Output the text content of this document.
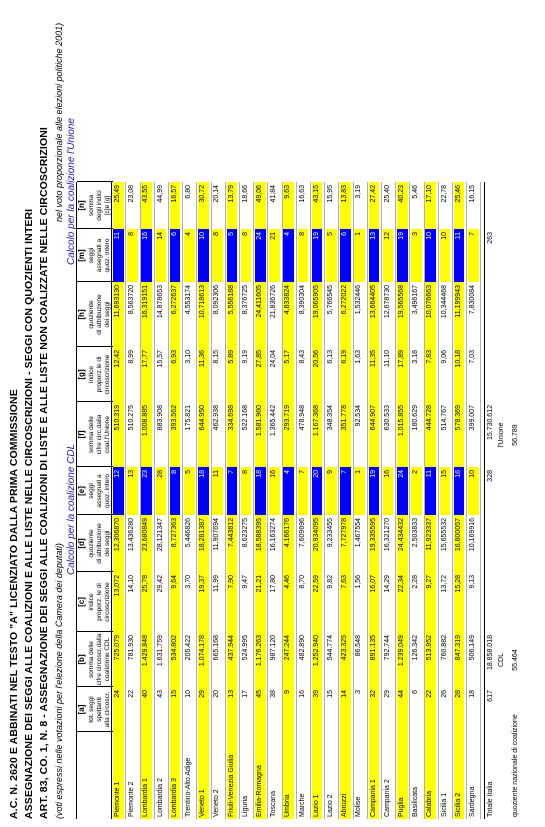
A.C. N. 2620 E ABBINATI NEL TESTO "A" LICENZIATO DALLA PRIMA COMMISSIONE ASSEGNAZIONE DEI SEGGI ALLE COALIZIONI E ALLE LISTE NELLE CIRCOSCRIZIONI - SEGGI CON QUOZIENTI INTERI ART. 83, CO. 1, N. 8 - ASSEGNAZIONE DEI SEGGI ALLE COALIZIONI DI LISTE E ALLE LISTE NON COALIZZATE NELLE CIRCOSCRIZIONI (voti espressi nelle votazioni per l'elezione della Camera dei deputati)
nel voto proporzionale alle elezioni politiche 2001)
Calcolo per la coalizione CDL
Calcolo per la coalizione l'Unione
[a]
tot. seggi
spettanti
alla circoscr.
[b] somma delle
cifre circoscr.dalla
coalizione CDL
[c] indice
proporz. le di
circoscrizione
[d] quoziente
di attribuzione
dei seggi
[e] seggi
assegnati a
quoz. intero
[f] somma delle
cifre circ.dalla
coal.l'Unione
[g] indice
proporz.le di
circoscrizione
[h] quoziente
di attribuzione
dei seggi
[m] seggi
assegnati a
quoz. intero
[n] somma
degli indici
[c]e [g]
Piemonte 1
24
725.079
13,072
12,306870
12
510.319
12,42
11,693130
11
25,49
Piemonte 2
22
781.930
14,10
13,436280
13
510.275
8,99
8,563720
8
23,08
Lombardia 1
40
1.429.848
25,78
23,680849
23
1.008.885
17,77
16,319151
16
43,55
Lombardia 2
43
1.631.759
29,42
28,121347
28
883.908
15,57
14,878653
14
44,99
Lombardia 3
15
534.802
9,64
8,727363
8
393.562
6,93
6,272637
6
16,57
Trentino-Alto Adige
10
205.422
3,70
5,446826
5
175.821
3,10
4,553174
4
6,80
Veneto 1
29
1.074.178
19,37
18,281387
18
644.950
11,36
10,718613
10
30,72
Veneto 2
20
665.168
11,99
11,907694
11
462.938
8,15
8,092306
8
20,14
Friuli-Venezia Giulia
13
437.944
7,90
7,443812
7
334.698
5,89
5,556188
5
13,79
Liguria
17
524.995
9,47
8,623275
8
522.168
9,19
8,376725
8
18,66
Emilia-Romagna
45
1.176.263
21,21
18,588395
18
1.581.960
27,85
24,411605
24
49,06
Toscana
38
987.120
17,80
16,163274
16
1.365.442
24,04
21,836726
21
41,84
Umbria
9
247.244
4,46
4,166176
4
293.719
5,17
4,833824
4
9,63
Marche
16
482.890
8,70
7,609696
7
478.948
8,43
8,390304
8
16,63
Lazio 1
39
1.252.940
22,59
20,934095
20
1.167.368
20,56
19,065905
19
43,15
Lazio 2
15
544.774
9,82
9,233455
9
348.354
6,13
5,766545
5
15,95
Abruzzi
14
423.325
7,63
7,727978
7
351.778
6,19
6,272022
6
13,83
Molise
3
86.548
1,56
1,467554
1
92.534
1,63
1,532446
1
3,19
Campania 1
32
891.135
16,07
19,335595
19
644.907
11,35
13,664405
13
27,42
Campania 2
29
792.744
14,29
16,321270
16
630.533
11,10
12,678730
12
25,40
Puglia
44
1.239.049
22,34
24,434432
24
1.015.855
17,89
19,565568
19
40,23
Basilicata
6
126.342
2,28
2,503833
2
180.629
3,18
3,496167
3
5,46
Calabria
22
513.952
9,27
11,923337
11
444.728
7,83
10,076663
10
17,10
Sicilia 1
26
760.882
13,72
15,655532
15
514.767
9,06
10,344468
10
22,78
Sicilia 2
28
847.319
15,28
16,800057
16
578.369
10,18
11,199943
11
25,46
Sardegna
18
506.149
9,13
10,169916
10
399.007
7,03
7,830084
7
16,15
Totale Italia
617
18.858.018
328
15.730.612
263
CDL
l'Unione
quoziente nazionale di coalizione
55.464
56.789
